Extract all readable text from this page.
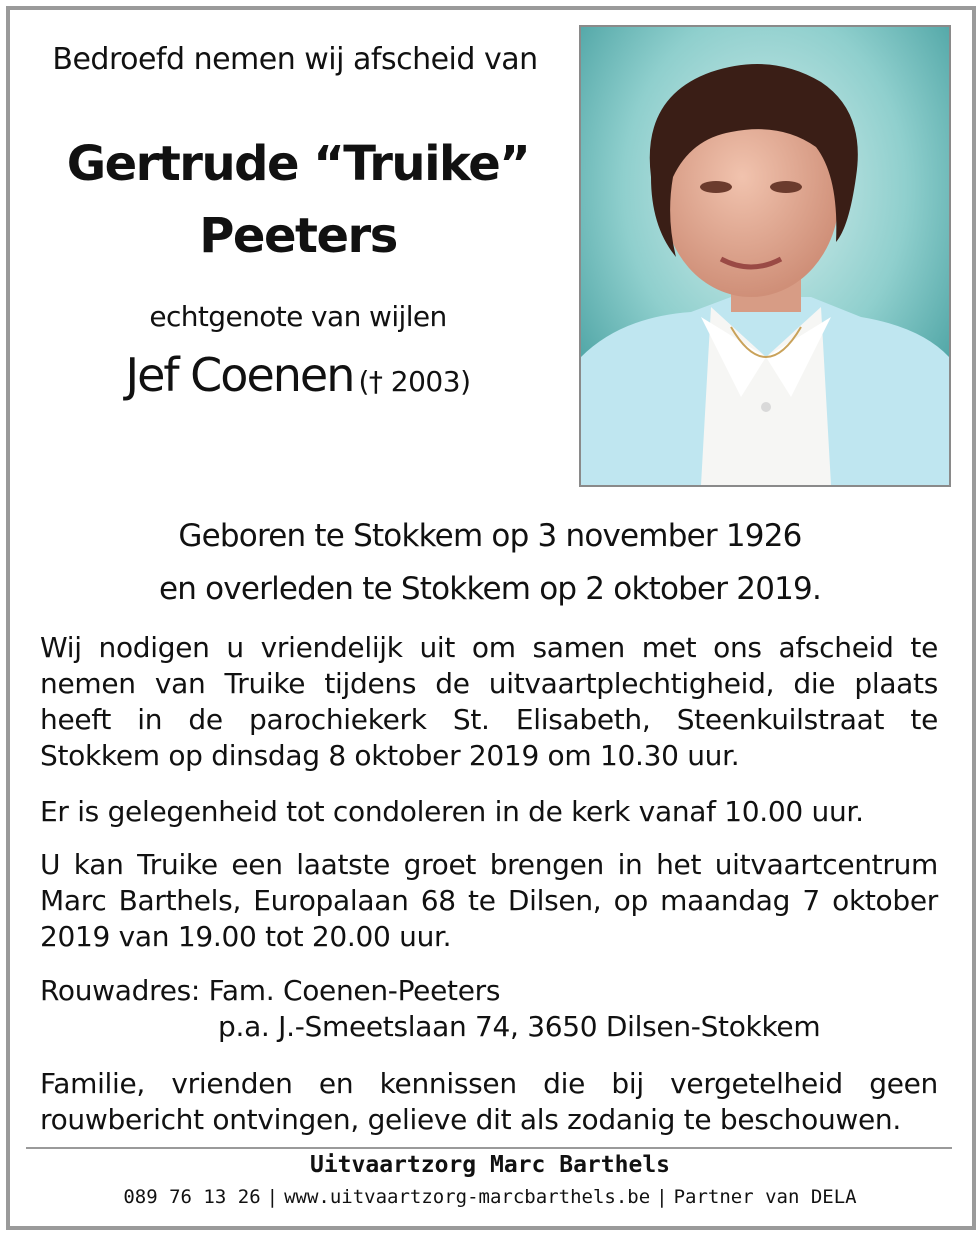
Bedroefd nemen wij afscheid van
Gertrude “Truike”
Peeters
echtgenote van wijlen
Jef Coenen († 2003)
Geboren te Stokkem op 3 november 1926
en overleden te Stokkem op 2 oktober 2019.
Wij nodigen u vriendelijk uit om samen met ons afscheid te nemen van Truike tijdens de uitvaartplechtigheid, die plaats heeft in de parochiekerk St. Elisabeth, Steenkuilstraat te Stokkem op dinsdag 8 oktober 2019 om 10.30 uur.
Er is gelegenheid tot condoleren in de kerk vanaf 10.00 uur.
U kan Truike een laatste groet brengen in het uitvaartcentrum Marc Barthels, Europalaan 68 te Dilsen, op maandag 7 oktober 2019 van 19.00 tot 20.00 uur.
Rouwadres: Fam. Coenen-Peeters
p.a. J.-Smeetslaan 74, 3650 Dilsen-Stokkem
Familie, vrienden en kennissen die bij vergetelheid geen rouwbericht ontvingen, gelieve dit als zodanig te beschouwen.
Uitvaartzorg Marc Barthels
089 76 13 26 | www.uitvaartzorg-marcbarthels.be | Partner van DELA
